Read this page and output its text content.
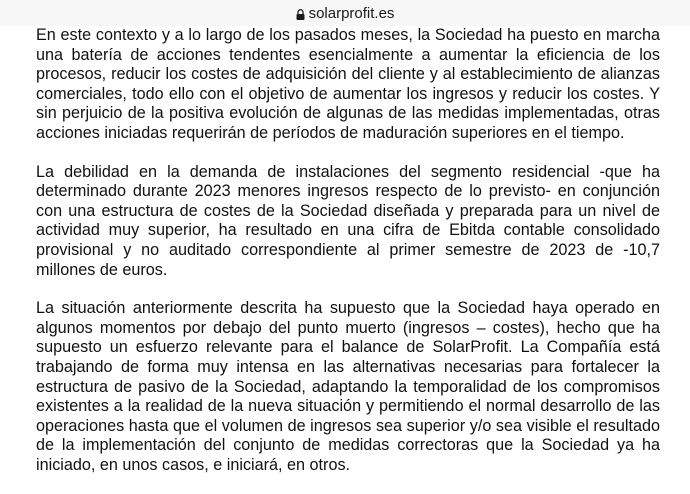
solarprofit.es

En este contexto y a lo largo de los pasados meses, la Sociedad ha puesto en marcha una batería de acciones tendentes esencialmente a aumentar la eficiencia de los procesos, reducir los costes de adquisición del cliente y al establecimiento de alianzas comerciales, todo ello con el objetivo de aumentar los ingresos y reducir los costes. Y sin perjuicio de la positiva evolución de algunas de las medidas implementadas, otras acciones iniciadas requerirán de períodos de maduración superiores en el tiempo.

La debilidad en la demanda de instalaciones del segmento residencial -que ha determinado durante 2023 menores ingresos respecto de lo previsto- en conjunción con una estructura de costes de la Sociedad diseñada y preparada para un nivel de actividad muy superior, ha resultado en una cifra de Ebitda contable consolidado provisional y no auditado correspondiente al primer semestre de 2023 de -10,7 millones de euros.

La situación anteriormente descrita ha supuesto que la Sociedad haya operado en algunos momentos por debajo del punto muerto (ingresos – costes), hecho que ha supuesto un esfuerzo relevante para el balance de SolarProfit. La Compañía está trabajando de forma muy intensa en las alternativas necesarias para fortalecer la estructura de pasivo de la Sociedad, adaptando la temporalidad de los compromisos existentes a la realidad de la nueva situación y permitiendo el normal desarrollo de las operaciones hasta que el volumen de ingresos sea superior y/o sea visible el resultado de la implementación del conjunto de medidas correctoras que la Sociedad ya ha iniciado, en unos casos, e iniciará, en otros.
